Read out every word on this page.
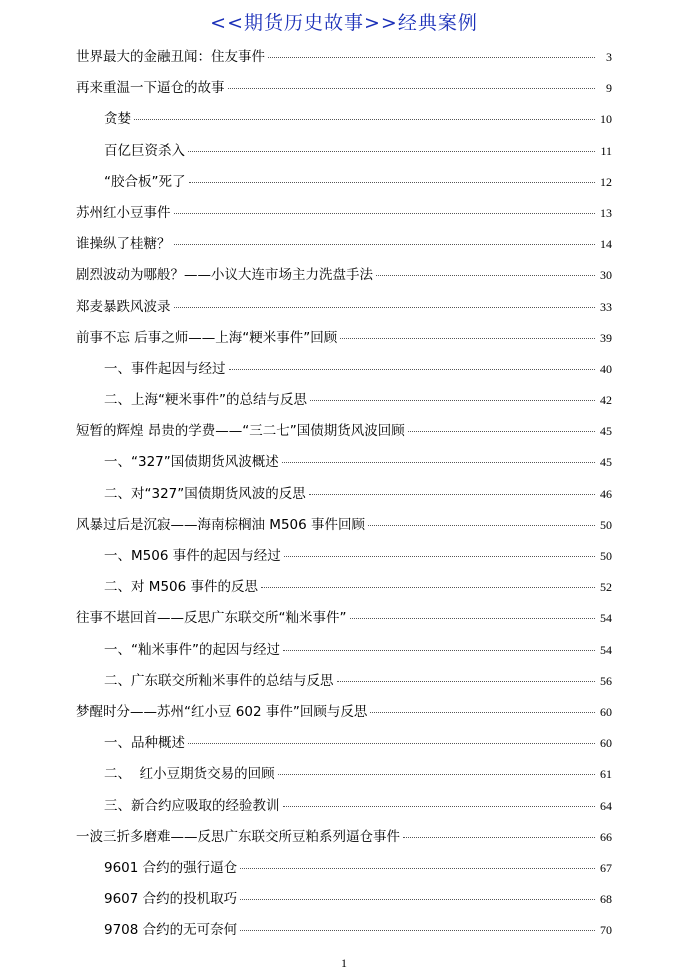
<<期货历史故事>>经典案例
世界最大的金融丑闻：住友事件	3
再来重温一下逼仓的故事	9
贪婪	10
百亿巨资杀入	11
“胶合板”死了	12
苏州红小豆事件	13
谁操纵了桂糖？	14
剧烈波动为哪般？——小议大连市场主力洗盘手法	30
郑麦暴跌风波录	33
前事不忘 后事之师——上海“粳米事件”回顾	39
一、事件起因与经过	40
二、上海“粳米事件”的总结与反思	42
短暂的辉煌 昂贵的学费——“三二七”国债期货风波回顾	45
一、“327”国债期货风波概述	45
二、对“327”国债期货风波的反思	46
风暴过后是沉寂——海南棕榈油 M506 事件回顾	50
一、M506 事件的起因与经过	50
二、对 M506 事件的反思	52
往事不堪回首——反思广东联交所“籼米事件”	54
一、“籼米事件”的起因与经过	54
二、广东联交所籼米事件的总结与反思	56
梦醒时分——苏州“红小豆 602 事件”回顾与反思	60
一、品种概述	60
二、  红小豆期货交易的回顾	61
三、新合约应吸取的经验教训	64
一波三折多磨难——反思广东联交所豆粕系列逼仓事件	66
9601 合约的强行逼仓	67
9607 合约的投机取巧	68
9708 合约的无可奈何	70
1
